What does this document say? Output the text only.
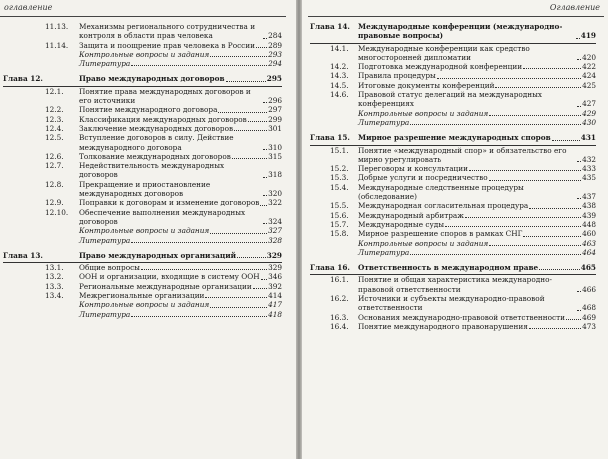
оглавление
11.13.	Механизмы регионального сотрудничества и контроля в области прав человека	284
11.14.	Защита и поощрение прав человека в России 289
Контрольные вопросы и задания	293
Литература	294
Глава 12.	Право международных договоров	295
12.1.	Понятие права международных договоров и его источники	296
12.2.	Понятие международного договора	297
12.3.	Классификация международных договоров	299
12.4.	Заключение международных договоров	301
12.5.	Вступление договоров в силу. Действие международного договора	310
12.6.	Толкование международных договоров	315
12.7.	Недействительность международных договоров	318
12.8.	Прекращение и приостановление международных договоров	320
12.9.	Поправки к договорам и изменение договоров 322
12.10.	Обеспечение выполнения международных договоров	324
Контрольные вопросы и задания	327
Литература	328
Глава 13.	Право международных организаций	329
13.1.	Общие вопросы	329
13.2.	ООН и организации, входящие в систему ООН 346
13.3.	Региональные международные организации 392
13.4.	Межрегиональные организации	414
Контрольные вопросы и задания	417
Литература	418
Оглавление
Глава 14.	Международные конференции (международно-правовые вопросы)	419
14.1.	Международные конференции как средство многосторонней дипломатии	420
14.2.	Подготовка международной конференции	422
14.3.	Правила процедуры	424
14.5.	Итоговые документы конференций	425
14.6.	Правовой статус делегаций на международных конференциях	427
Контрольные вопросы и задания	429
Литература	430
Глава 15.	Мирное разрешение международных споров	431
15.1.	Понятие «международный спор» и обязательство его мирно урегулировать	432
15.2.	Переговоры и консультации	433
15.3.	Добрые услуги и посредничество	435
15.4.	Международные следственные процедуры (обследование)	437
15.5.	Международная согласительная процедура	438
15.6.	Международный арбитраж	439
15.7.	Международные суды	448
15.8.	Мирное разрешение споров в рамках СНГ	460
Контрольные вопросы и задания	463
Литература	464
Глава 16.	Ответственность в международном праве	465
16.1.	Понятие и общая характеристика международно-правовой ответственности	466
16.2.	Источники и субъекты международно-правовой ответственности	468
16.3.	Основания международно-правовой ответственности 469
16.4.	Понятие международного правонарушения	473
